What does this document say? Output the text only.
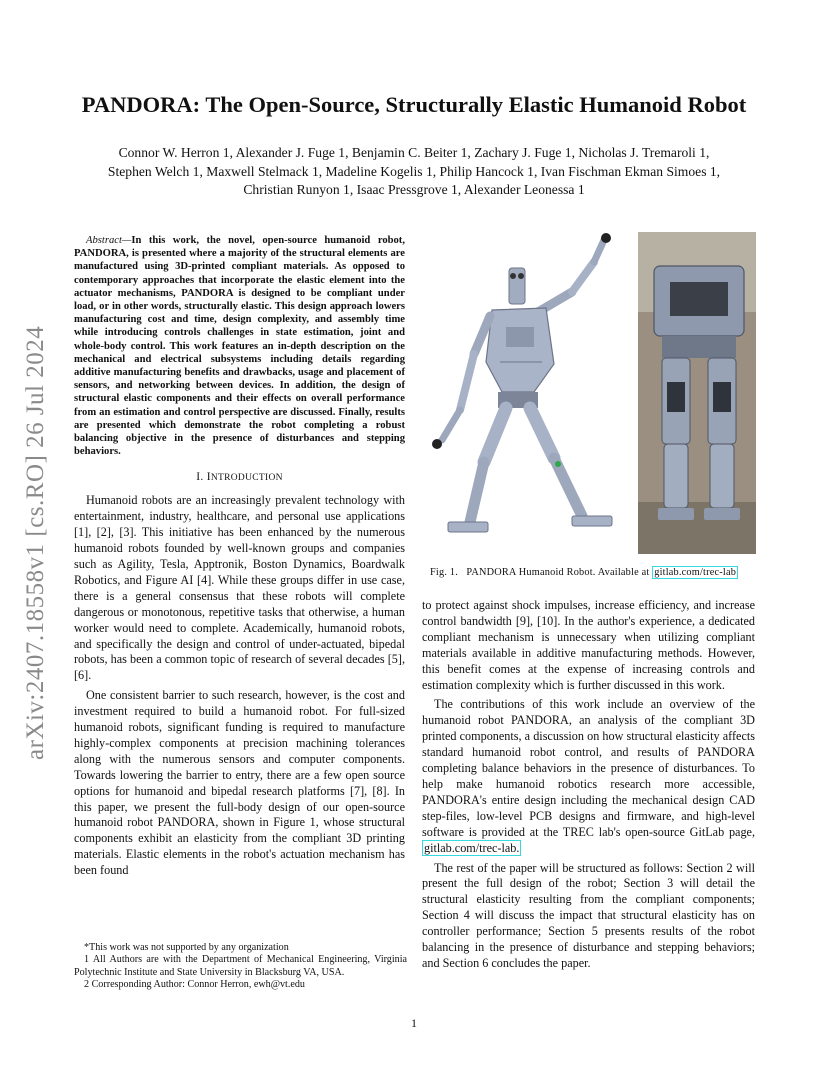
arXiv:2407.18558v1 [cs.RO] 26 Jul 2024
PANDORA: The Open-Source, Structurally Elastic Humanoid Robot
Connor W. Herron 1, Alexander J. Fuge 1, Benjamin C. Beiter 1, Zachary J. Fuge 1, Nicholas J. Tremaroli 1,
Stephen Welch 1, Maxwell Stelmack 1, Madeline Kogelis 1, Philip Hancock 1, Ivan Fischman Ekman Simoes 1,
Christian Runyon 1, Isaac Pressgrove 1, Alexander Leonessa 1

Abstract—In this work, the novel, open-source humanoid robot, PANDORA, is presented where a majority of the structural elements are manufactured using 3D-printed compliant materials. As opposed to contemporary approaches that incorporate the elastic element into the actuator mechanisms, PANDORA is designed to be compliant under load, or in other words, structurally elastic. This design approach lowers manufacturing cost and time, design complexity, and assembly time while introducing controls challenges in state estimation, joint and whole-body control. This work features an in-depth description on the mechanical and electrical subsystems including details regarding additive manufacturing benefits and drawbacks, usage and placement of sensors, and networking between devices. In addition, the design of structural elastic components and their effects on overall performance from an estimation and control perspective are discussed. Finally, results are presented which demonstrate the robot completing a robust balancing objective in the presence of disturbances and stepping behaviors.

I. INTRODUCTION

Humanoid robots are an increasingly prevalent technology with entertainment, industry, healthcare, and personal use applications [1], [2], [3]. This initiative has been enhanced by the numerous humanoid robots founded by well-known groups and companies such as Agility, Tesla, Apptronik, Boston Dynamics, Boardwalk Robotics, and Figure AI [4]. While these groups differ in use case, there is a general consensus that these robots will complete dangerous or monotonous, repetitive tasks that otherwise, a human worker would need to complete. Academically, humanoid robots, and specifically the design and control of under-actuated, bipedal robots, has been a common topic of research of several decades [5], [6].

One consistent barrier to such research, however, is the cost and investment required to build a humanoid robot. For full-sized humanoid robots, significant funding is required to manufacture highly-complex components at precision machining tolerances along with the numerous sensors and computer components. Towards lowering the barrier to entry, there are a few open source options for humanoid and bipedal research platforms [7], [8]. In this paper, we present the full-body design of our open-source humanoid robot PANDORA, shown in Figure 1, whose structural components exhibit an elasticity from the compliant 3D printing materials. Elastic elements in the robot's actuation mechanism has been found

Fig. 1. PANDORA Humanoid Robot. Available at gitlab.com/trec-lab

to protect against shock impulses, increase efficiency, and increase control bandwidth [9], [10]. In the author's experience, a dedicated compliant mechanism is unnecessary when utilizing compliant materials available in additive manufacturing methods. However, this benefit comes at the expense of increasing controls and estimation complexity which is further discussed in this work.

The contributions of this work include an overview of the humanoid robot PANDORA, an analysis of the compliant 3D printed components, a discussion on how structural elasticity affects standard humanoid robot control, and results of PANDORA completing balance behaviors in the presence of disturbances. To help make humanoid robotics research more accessible, PANDORA's entire design including the mechanical design CAD step-files, low-level PCB designs and firmware, and high-level software is provided at the TREC lab's open-source GitLab page, gitlab.com/trec-lab.

The rest of the paper will be structured as follows: Section 2 will present the full design of the robot; Section 3 will detail the structural elasticity resulting from the compliant components; Section 4 will discuss the impact that structural elasticity has on controller performance; Section 5 presents results of the robot balancing in the presence of disturbance and stepping behaviors; and Section 6 concludes the paper.

*This work was not supported by any organization

1 All Authors are with the Department of Mechanical Engineering, Virginia Polytechnic Institute and State University in Blacksburg VA, USA.

2 Corresponding Author: Connor Herron, ewh@vt.edu

1
